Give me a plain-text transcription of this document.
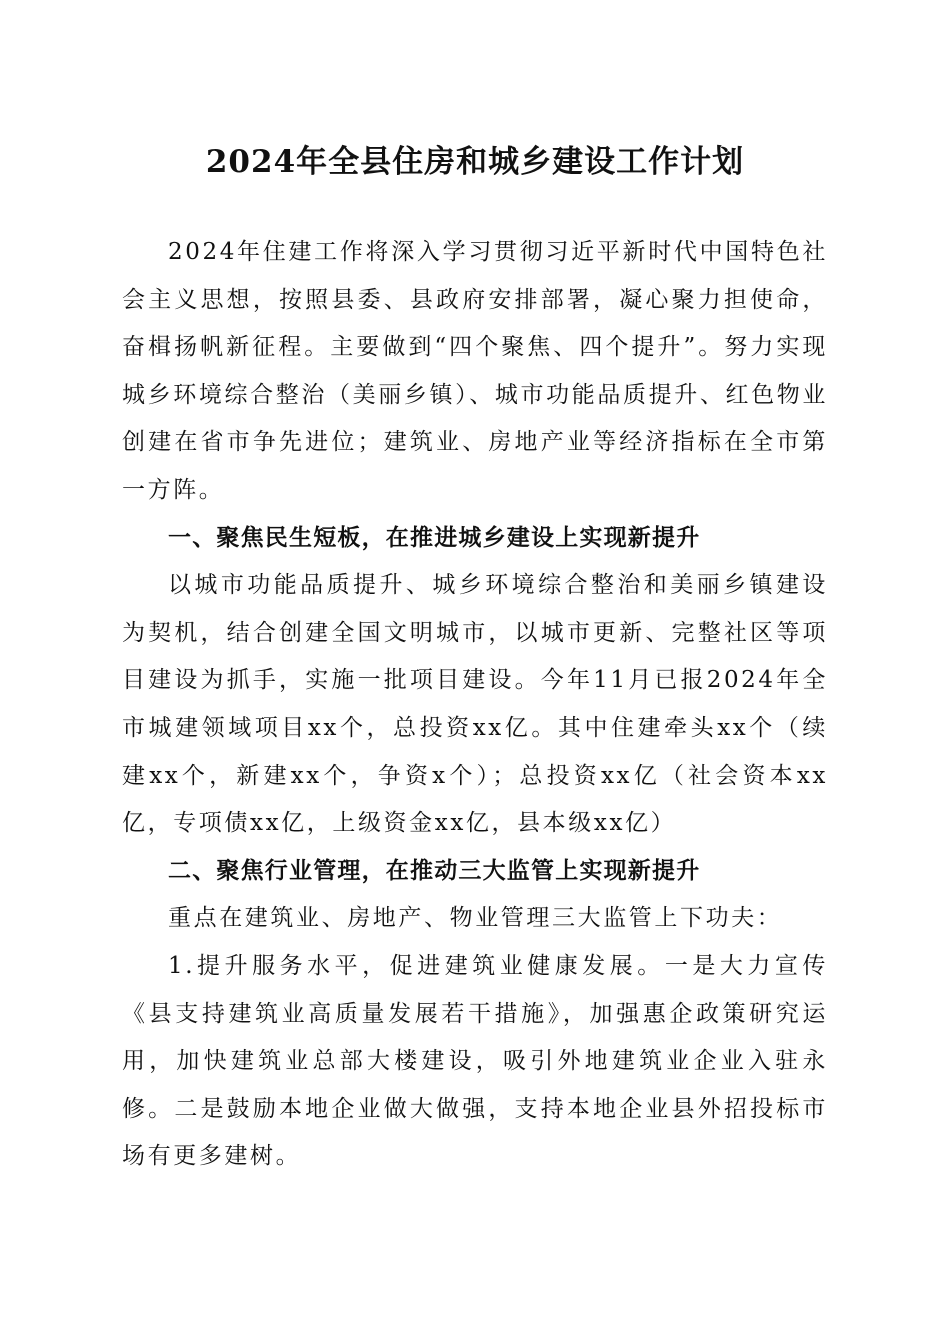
2024年全县住房和城乡建设工作计划

2024年住建工作将深入学习贯彻习近平新时代中国特色社会主义思想，按照县委、县政府安排部署，凝心聚力担使命，奋楫扬帆新征程。主要做到“四个聚焦、四个提升”。努力实现城乡环境综合整治（美丽乡镇）、城市功能品质提升、红色物业创建在省市争先进位；建筑业、房地产业等经济指标在全市第一方阵。

一、聚焦民生短板，在推进城乡建设上实现新提升

以城市功能品质提升、城乡环境综合整治和美丽乡镇建设为契机，结合创建全国文明城市，以城市更新、完整社区等项目建设为抓手，实施一批项目建设。今年11月已报2024年全市城建领域项目xx个，总投资xx亿。其中住建牵头xx个（续建xx个，新建xx个，争资x个）；总投资xx亿（社会资本xx亿，专项债xx亿，上级资金xx亿，县本级xx亿）

二、聚焦行业管理，在推动三大监管上实现新提升

重点在建筑业、房地产、物业管理三大监管上下功夫：

1.提升服务水平，促进建筑业健康发展。一是大力宣传《县支持建筑业高质量发展若干措施》，加强惠企政策研究运用，加快建筑业总部大楼建设，吸引外地建筑业企业入驻永修。二是鼓励本地企业做大做强，支持本地企业县外招投标市场有更多建树。
